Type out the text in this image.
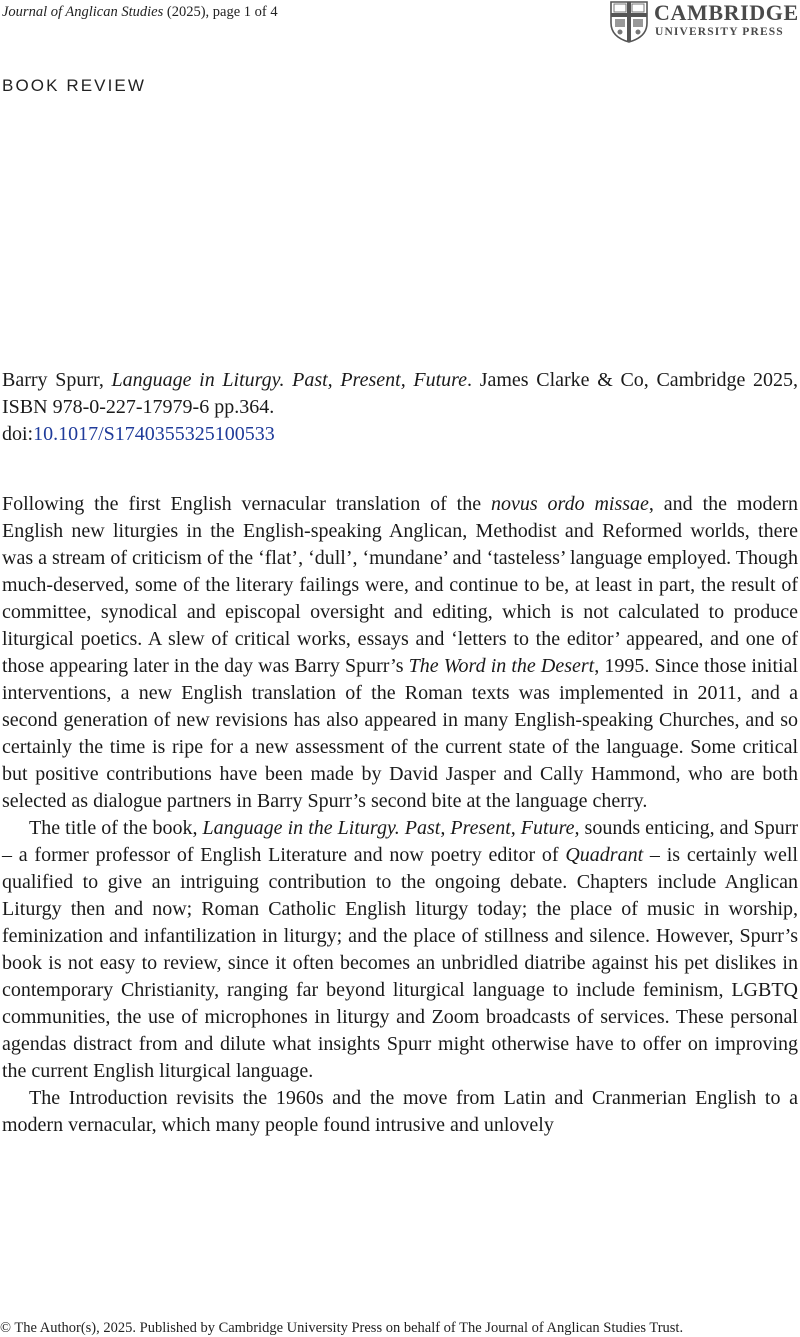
Journal of Anglican Studies (2025), page 1 of 4	CAMBRIDGE
UNIVERSITY PRESS
BOOK REVIEW
Barry Spurr, Language in Liturgy. Past, Present, Future. James Clarke & Co, Cambridge 2025, ISBN 978-0-227-17979-6 pp.364.
doi:10.1017/S1740355325100533

Following the first English vernacular translation of the novus ordo missae, and the modern English new liturgies in the English-speaking Anglican, Methodist and Reformed worlds, there was a stream of criticism of the ‘flat’, ‘dull’, ‘mundane’ and ‘tasteless’ language employed. Though much-deserved, some of the literary failings were, and continue to be, at least in part, the result of committee, synodical and episcopal oversight and editing, which is not calculated to produce liturgical poetics. A slew of critical works, essays and ‘letters to the editor’ appeared, and one of those appearing later in the day was Barry Spurr’s The Word in the Desert, 1995. Since those initial interventions, a new English translation of the Roman texts was implemented in 2011, and a second generation of new revisions has also appeared in many English-speaking Churches, and so certainly the time is ripe for a new assessment of the current state of the language. Some critical but positive contributions have been made by David Jasper and Cally Hammond, who are both selected as dialogue partners in Barry Spurr’s second bite at the language cherry.

The title of the book, Language in the Liturgy. Past, Present, Future, sounds enticing, and Spurr – a former professor of English Literature and now poetry editor of Quadrant – is certainly well qualified to give an intriguing contribution to the ongoing debate. Chapters include Anglican Liturgy then and now; Roman Catholic English liturgy today; the place of music in worship, feminization and infantilization in liturgy; and the place of stillness and silence. However, Spurr’s book is not easy to review, since it often becomes an unbridled diatribe against his pet dislikes in contemporary Christianity, ranging far beyond liturgical language to include feminism, LGBTQ communities, the use of microphones in liturgy and Zoom broadcasts of services. These personal agendas distract from and dilute what insights Spurr might otherwise have to offer on improving the current English liturgical language.

The Introduction revisits the 1960s and the move from Latin and Cranmerian English to a modern vernacular, which many people found intrusive and unlovely

© The Author(s), 2025. Published by Cambridge University Press on behalf of The Journal of Anglican Studies Trust.
